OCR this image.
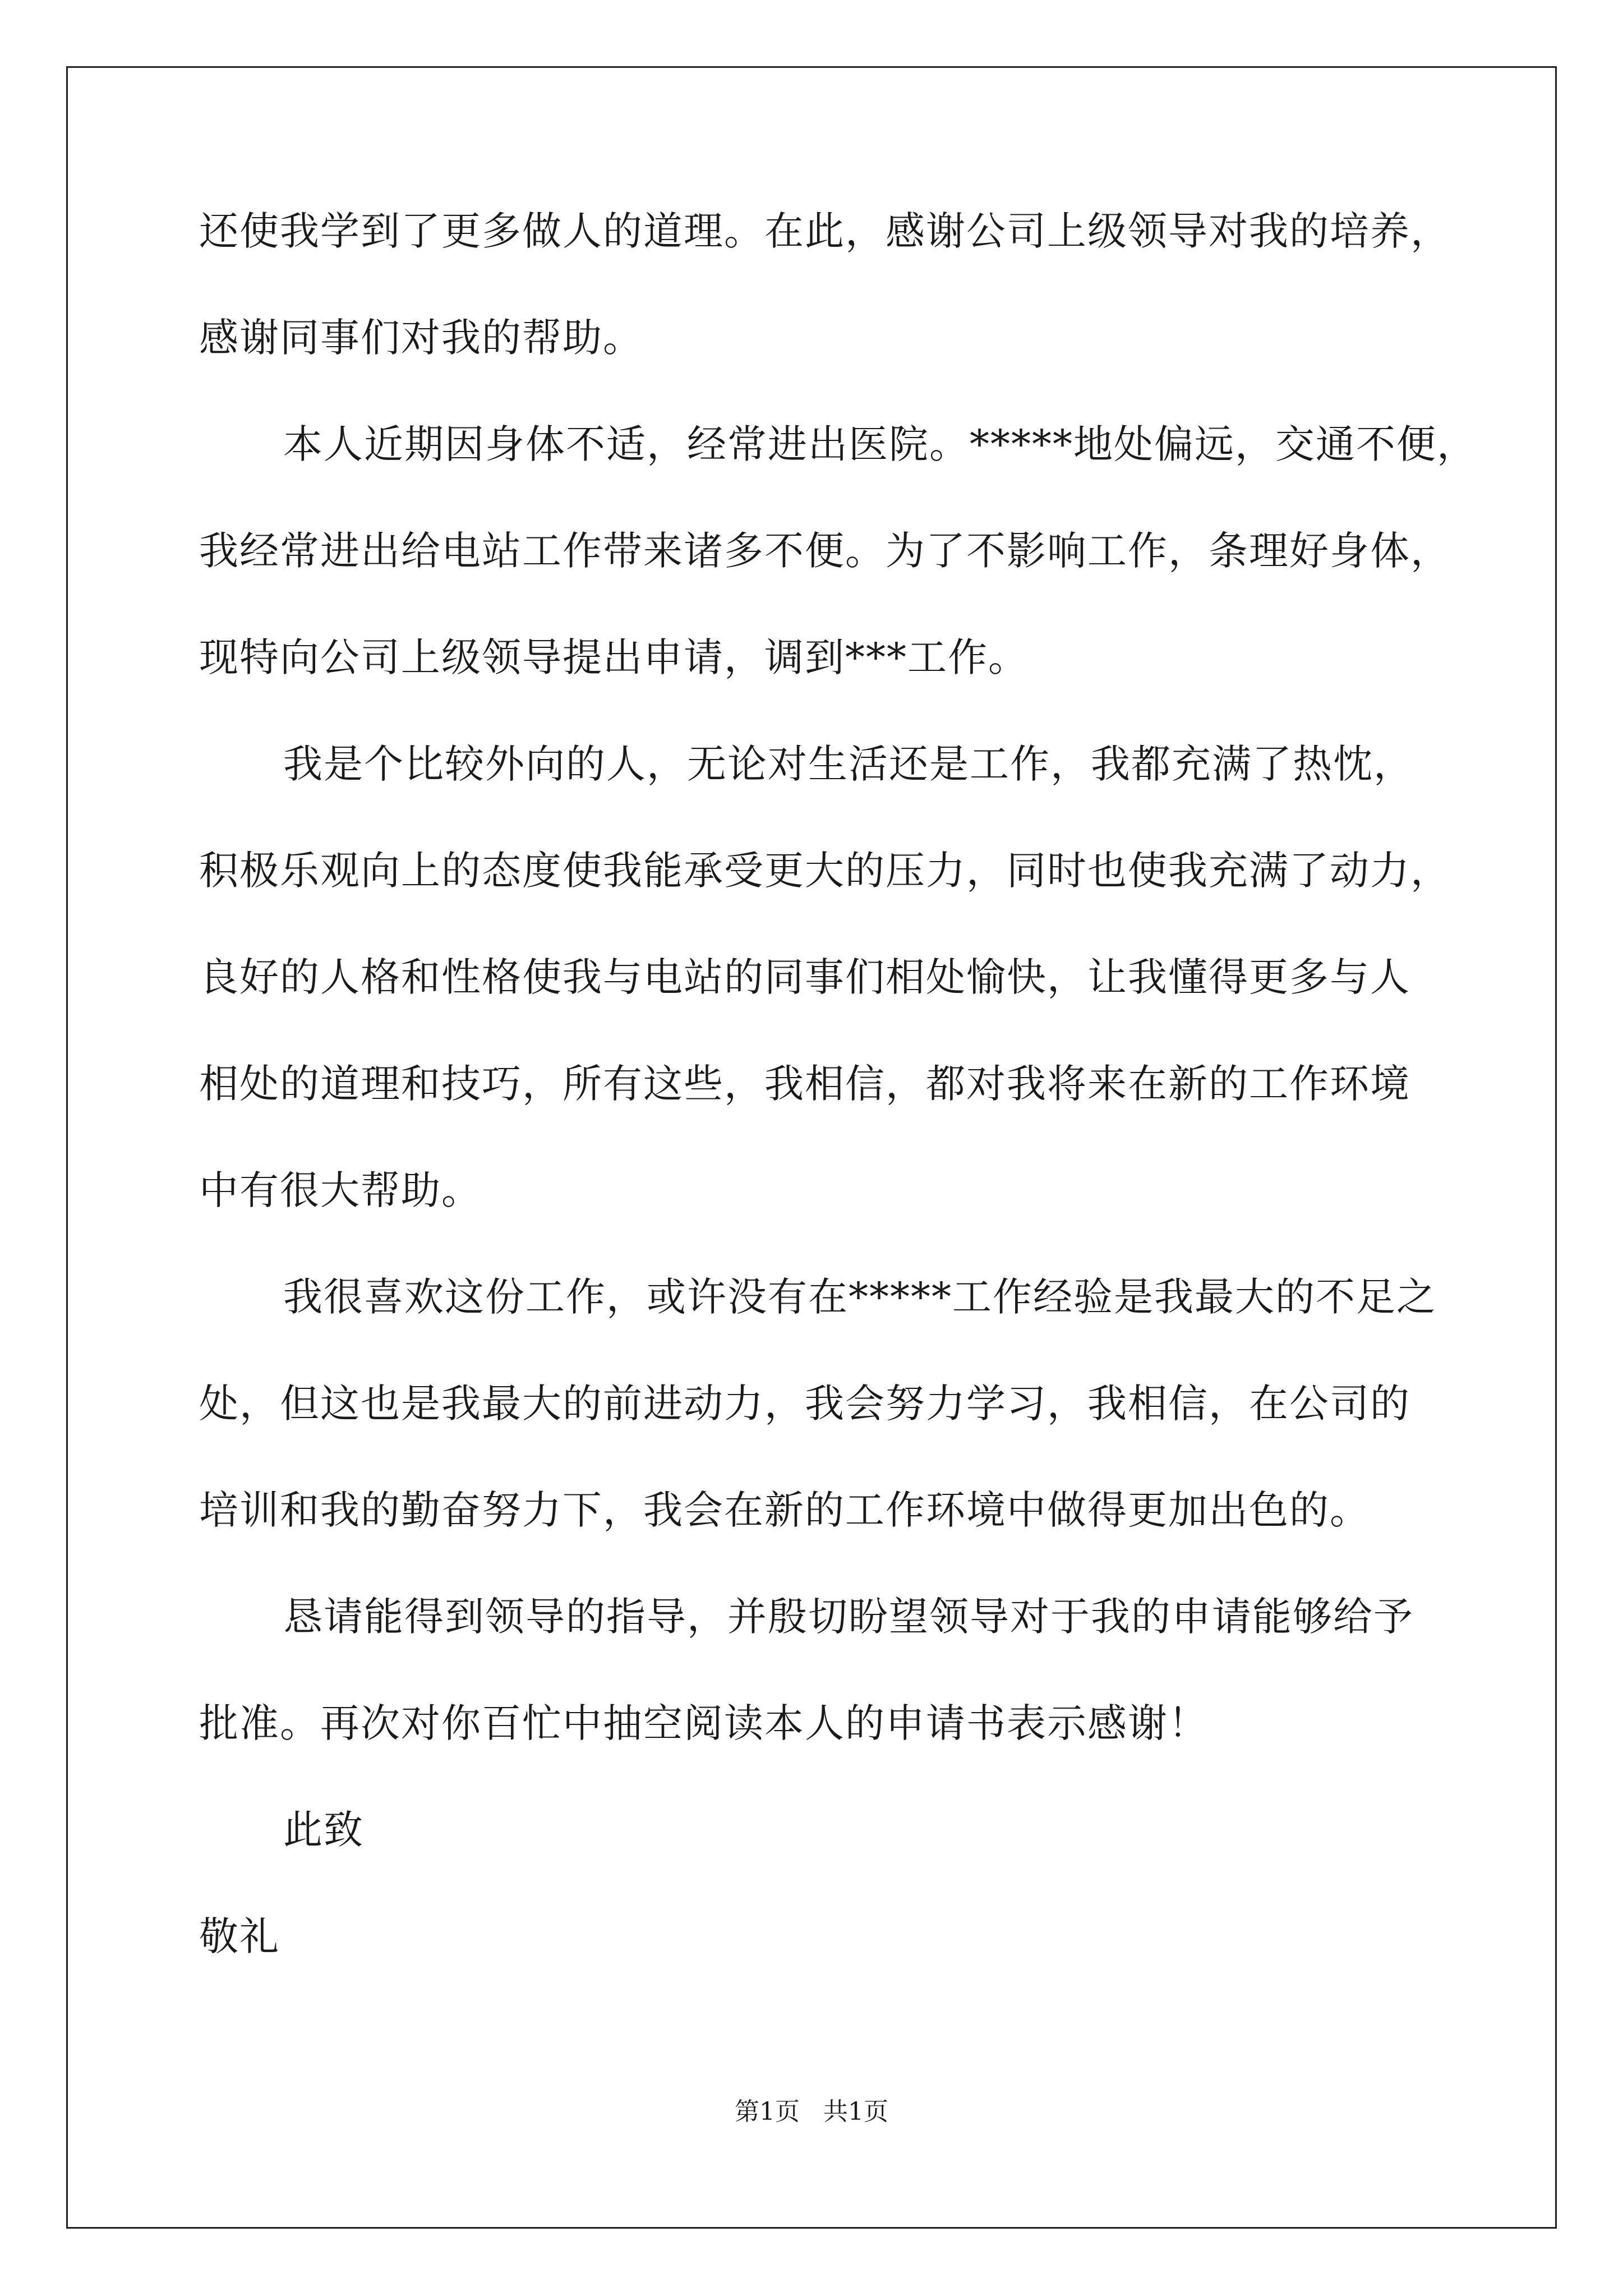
还使我学到了更多做人的道理。在此，感谢公司上级领导对我的培养，
感谢同事们对我的帮助。
本人近期因身体不适，经常进出医院。*****地处偏远，交通不便，
我经常进出给电站工作带来诸多不便。为了不影响工作，条理好身体，
现特向公司上级领导提出申请，调到***工作。
我是个比较外向的人，无论对生活还是工作，我都充满了热忱，
积极乐观向上的态度使我能承受更大的压力，同时也使我充满了动力，
良好的人格和性格使我与电站的同事们相处愉快，让我懂得更多与人
相处的道理和技巧，所有这些，我相信，都对我将来在新的工作环境
中有很大帮助。
我很喜欢这份工作，或许没有在*****工作经验是我最大的不足之
处，但这也是我最大的前进动力，我会努力学习，我相信，在公司的
培训和我的勤奋努力下，我会在新的工作环境中做得更加出色的。
恳请能得到领导的指导，并殷切盼望领导对于我的申请能够给予
批准。再次对你百忙中抽空阅读本人的申请书表示感谢！
此致
敬礼
第1页   共1页
